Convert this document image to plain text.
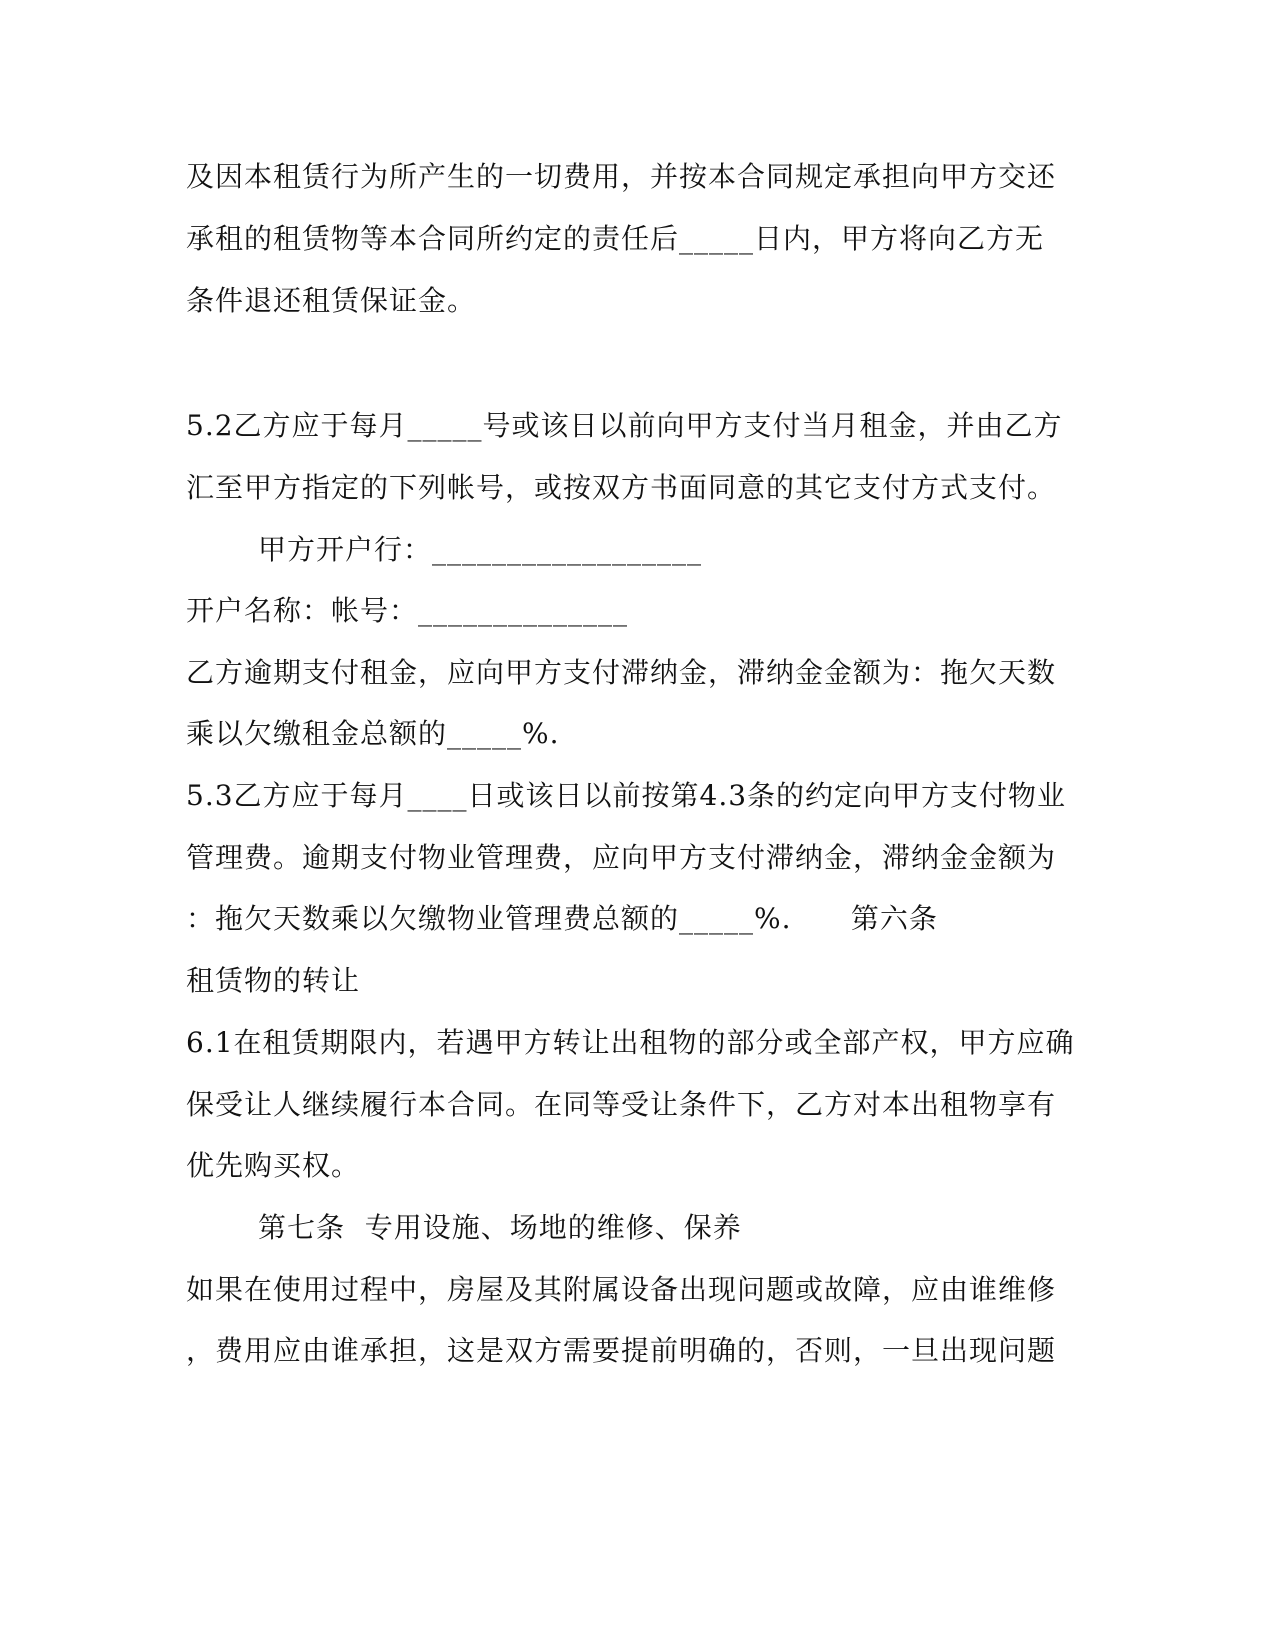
及因本租赁行为所产生的一切费用，并按本合同规定承担向甲方交还
承租的租赁物等本合同所约定的责任后_____日内，甲方将向乙方无
条件退还租赁保证金。
5.2乙方应于每月_____号或该日以前向甲方支付当月租金，并由乙方
汇至甲方指定的下列帐号，或按双方书面同意的其它支付方式支付。
甲方开户行：__________________
开户名称：帐号：______________
乙方逾期支付租金，应向甲方支付滞纳金，滞纳金金额为：拖欠天数
乘以欠缴租金总额的_____%.
5.3乙方应于每月____日或该日以前按第4.3条的约定向甲方支付物业
管理费。逾期支付物业管理费，应向甲方支付滞纳金，滞纳金金额为
：拖欠天数乘以欠缴物业管理费总额的_____%.      第六条
租赁物的转让
6.1在租赁期限内，若遇甲方转让出租物的部分或全部产权，甲方应确
保受让人继续履行本合同。在同等受让条件下，乙方对本出租物享有
优先购买权。
第七条  专用设施、场地的维修、保养
如果在使用过程中，房屋及其附属设备出现问题或故障，应由谁维修
，费用应由谁承担，这是双方需要提前明确的，否则，一旦出现问题
